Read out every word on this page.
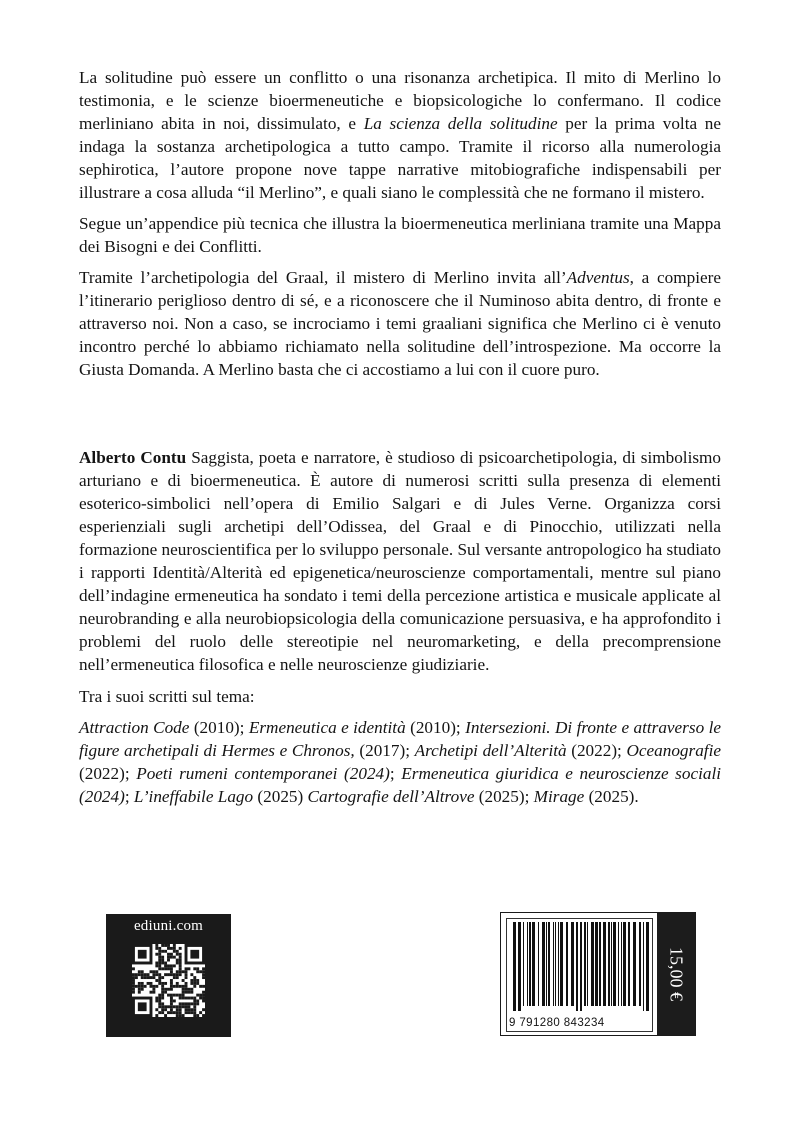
La solitudine può essere un conflitto o una risonanza archetipica. Il mito di Merlino lo testimonia, e le scienze bioermeneutiche e biopsicologiche lo confermano. Il codice merliniano abita in noi, dissimulato, e La scienza della solitudine per la prima volta ne indaga la sostanza archetipologica a tutto campo. Tramite il ricorso alla numerologia sephirotica, l’autore propone nove tappe narrative mitobiografiche indispensabili per illustrare a cosa alluda “il Merlino”, e quali siano le complessità che ne formano il mistero.

Segue un’appendice più tecnica che illustra la bioermeneutica merliniana tramite una Mappa dei Bisogni e dei Conflitti.

Tramite l’archetipologia del Graal, il mistero di Merlino invita all’Adventus, a compiere l’itinerario periglioso dentro di sé, e a riconoscere che il Numinoso abita dentro, di fronte e attraverso noi. Non a caso, se incrociamo i temi graaliani significa che Merlino ci è venuto incontro perché lo abbiamo richiamato nella solitudine dell’introspezione. Ma occorre la Giusta Domanda. A Merlino basta che ci accostiamo a lui con il cuore puro.

Alberto Contu Saggista, poeta e narratore, è studioso di psicoarchetipologia, di simbolismo arturiano e di bioermeneutica. È autore di numerosi scritti sulla presenza di elementi esoterico-simbolici nell’opera di Emilio Salgari e di Jules Verne. Organizza corsi esperienziali sugli archetipi dell’Odissea, del Graal e di Pinocchio, utilizzati nella formazione neuroscientifica per lo sviluppo personale. Sul versante antropologico ha studiato i rapporti Identità/Alterità ed epigenetica/neuroscienze comportamentali, mentre sul piano dell’indagine ermeneutica ha sondato i temi della percezione artistica e musicale applicate al neurobranding e alla neurobiopsicologia della comunicazione persuasiva, e ha approfondito i problemi del ruolo delle stereotipie nel neuromarketing, e della precomprensione nell’ermeneutica filosofica e nelle neuroscienze giudiziarie.

Tra i suoi scritti sul tema:

Attraction Code (2010); Ermeneutica e identità (2010); Intersezioni. Di fronte e attraverso le figure archetipali di Hermes e Chronos, (2017); Archetipi dell’Alterità (2022); Oceanografie (2022); Poeti rumeni contemporanei (2024); Ermeneutica giuridica e neuroscienze sociali (2024); L’ineffabile Lago (2025) Cartografie dell’Altrove (2025); Mirage (2025).

ediuni.com
9 791280 843234
15,00 €
